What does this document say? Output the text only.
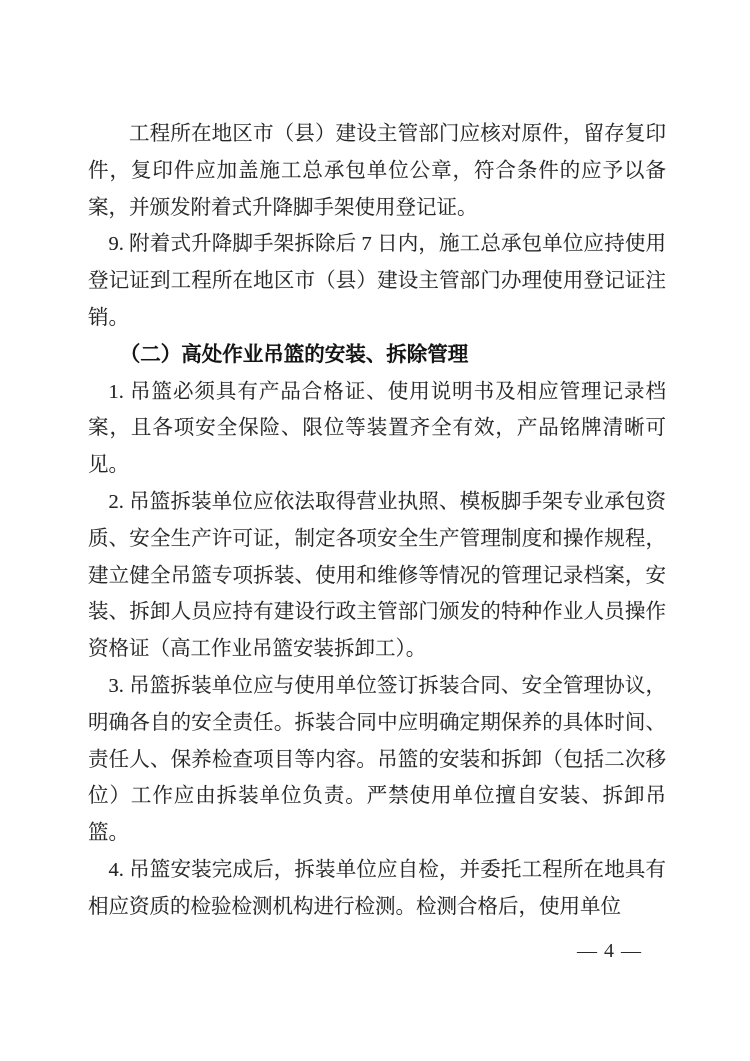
工程所在地区市（县）建设主管部门应核对原件，留存复印件，复印件应加盖施工总承包单位公章，符合条件的应予以备案，并颁发附着式升降脚手架使用登记证。

9. 附着式升降脚手架拆除后 7 日内，施工总承包单位应持使用登记证到工程所在地区市（县）建设主管部门办理使用登记证注销。

（二）高处作业吊篮的安装、拆除管理

1. 吊篮必须具有产品合格证、使用说明书及相应管理记录档案，且各项安全保险、限位等装置齐全有效，产品铭牌清晰可见。

2. 吊篮拆装单位应依法取得营业执照、模板脚手架专业承包资质、安全生产许可证，制定各项安全生产管理制度和操作规程，建立健全吊篮专项拆装、使用和维修等情况的管理记录档案，安装、拆卸人员应持有建设行政主管部门颁发的特种作业人员操作资格证（高工作业吊篮安装拆卸工）。

3. 吊篮拆装单位应与使用单位签订拆装合同、安全管理协议，明确各自的安全责任。拆装合同中应明确定期保养的具体时间、责任人、保养检查项目等内容。吊篮的安装和拆卸（包括二次移位）工作应由拆装单位负责。严禁使用单位擅自安装、拆卸吊篮。

4. 吊篮安装完成后，拆装单位应自检，并委托工程所在地具有相应资质的检验检测机构进行检测。检测合格后，使用单位

— 4 —
